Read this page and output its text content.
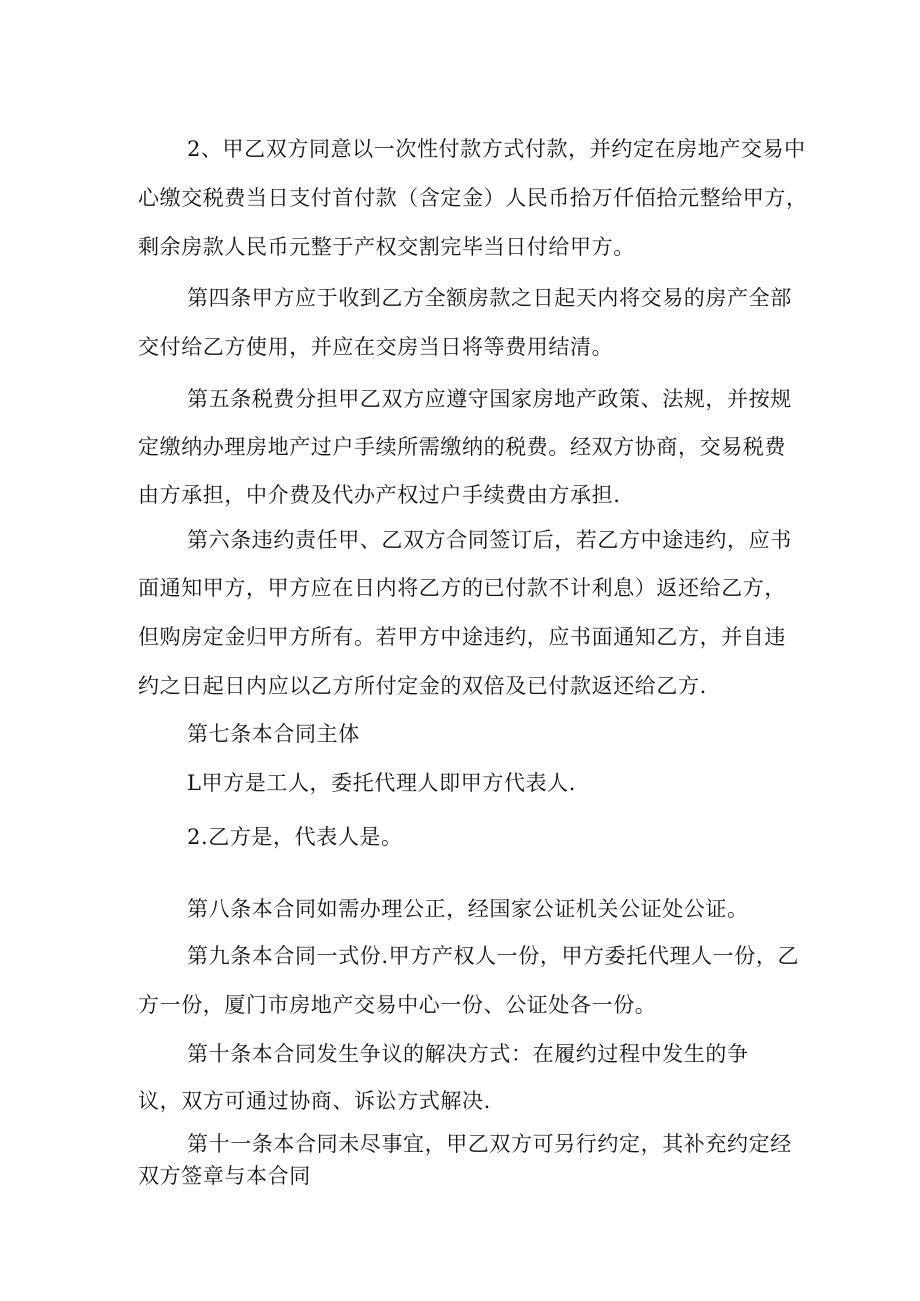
2、甲乙双方同意以一次性付款方式付款，并约定在房地产交易中
心缴交税费当日支付首付款（含定金）人民币拾万仟佰拾元整给甲方，
剩余房款人民币元整于产权交割完毕当日付给甲方。
第四条甲方应于收到乙方全额房款之日起天内将交易的房产全部
交付给乙方使用，并应在交房当日将等费用结清。
第五条税费分担甲乙双方应遵守国家房地产政策、法规，并按规
定缴纳办理房地产过户手续所需缴纳的税费。经双方协商，交易税费
由方承担，中介费及代办产权过户手续费由方承担.
第六条违约责任甲、乙双方合同签订后，若乙方中途违约，应书
面通知甲方，甲方应在日内将乙方的已付款不计利息）返还给乙方，
但购房定金归甲方所有。若甲方中途违约，应书面通知乙方，并自违
约之日起日内应以乙方所付定金的双倍及已付款返还给乙方.
第七条本合同主体
L甲方是工人，委托代理人即甲方代表人.
2.乙方是，代表人是。
第八条本合同如需办理公正，经国家公证机关公证处公证。
第九条本合同一式份.甲方产权人一份，甲方委托代理人一份，乙
方一份，厦门市房地产交易中心一份、公证处各一份。
第十条本合同发生争议的解决方式：在履约过程中发生的争
议，双方可通过协商、诉讼方式解决.
第十一条本合同未尽事宜，甲乙双方可另行约定，其补充约定经
双方签章与本合同
